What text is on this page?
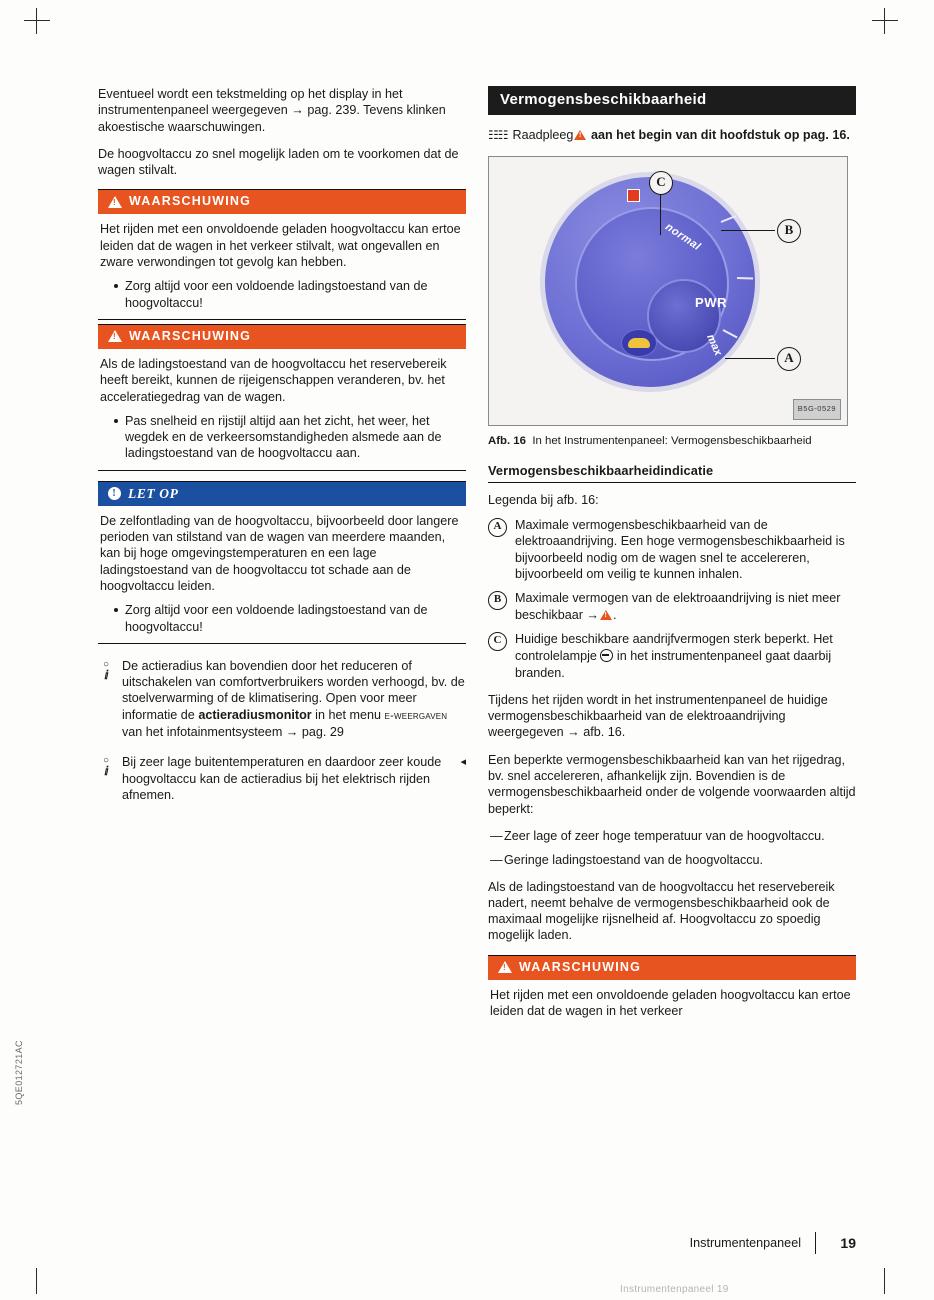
5QE012721AC

Eventueel wordt een tekstmelding op het display in het instrumentenpaneel weergegeven → pag. 239. Tevens klinken akoestische waarschuwingen.

De hoogvoltaccu zo snel mogelijk laden om te voorkomen dat de wagen stilvalt.

!
WAARSCHUWING

Het rijden met een onvoldoende geladen hoogvoltaccu kan ertoe leiden dat de wagen in het verkeer stilvalt, wat ongevallen en zware verwondingen tot gevolg kan hebben.

Zorg altijd voor een voldoende ladingstoestand van de hoogvoltaccu!
!
WAARSCHUWING

Als de ladingstoestand van de hoogvoltaccu het reservebereik heeft bereikt, kunnen de rijeigenschappen veranderen, bv. het acceleratiegedrag van de wagen.

Pas snelheid en rijstijl altijd aan het zicht, het weer, het wegdek en de verkeersomstandigheden alsmede aan de ladingstoestand van de hoogvoltaccu aan.
! LET OP

De zelfontlading van de hoogvoltaccu, bijvoorbeeld door langere perioden van stilstand van de wagen van meerdere maanden, kan bij hoge omgevingstemperaturen en een lage ladingstoestand van de hoogvoltaccu tot schade aan de hoogvoltaccu leiden.

Zorg altijd voor een voldoende ladingstoestand van de hoogvoltaccu!
○
ⅈ

De actieradius kan bovendien door het reduceren of uitschakelen van comfortverbruikers worden verhoogd, bv. de stoelverwarming of de klimatisering. Open voor meer informatie de actieradiusmonitor in het menu e-weergaven van het infotainmentsysteem → pag. 29

○
ⅈ

◂
Bij zeer lage buitentemperaturen en daardoor zeer koude hoogvoltaccu kan de actieradius bij het elektrisch rijden afnemen.

Vermogensbeschikbaarheid
☷☷ Raadpleeg ! aan het begin van dit hoofdstuk op pag. 16.
normal
PWR
max	A
B
C
B5G-0529

Afb. 16 In het Instrumentenpaneel: Vermogensbeschikbaarheid

Vermogensbeschikbaarheidindicatie

Legenda bij afb. 16:

A	Maximale vermogensbeschikbaarheid van de elektroaandrijving. Een hoge vermogensbeschikbaarheid is bijvoorbeeld nodig om de wagen snel te accelereren, bijvoorbeeld om veilig te kunnen inhalen.
B	Maximale vermogen van de elektroaandrijving is niet meer beschikbaar → ! .
C	Huidige beschikbare aandrijfvermogen sterk beperkt. Het controlelampje in het instrumentenpaneel gaat daarbij branden.

Tijdens het rijden wordt in het instrumentenpaneel de huidige vermogensbeschikbaarheid van de elektroaandrijving weergegeven → afb. 16.

Een beperkte vermogensbeschikbaarheid kan van het rijgedrag, bv. snel accelereren, afhankelijk zijn. Bovendien is de vermogensbeschikbaarheid onder de volgende voorwaarden altijd beperkt:

— Zeer lage of zeer hoge temperatuur van de hoogvoltaccu.
— Geringe ladingstoestand van de hoogvoltaccu.

Als de ladingstoestand van de hoogvoltaccu het reservebereik nadert, neemt behalve de vermogensbeschikbaarheid ook de maximaal mogelijke rijsnelheid af. Hoogvoltaccu zo spoedig mogelijk laden.

!
WAARSCHUWING

Het rijden met een onvoldoende geladen hoogvoltaccu kan ertoe leiden dat de wagen in het verkeer

Instrumentenpaneel	19
Instrumentenpaneel 19
